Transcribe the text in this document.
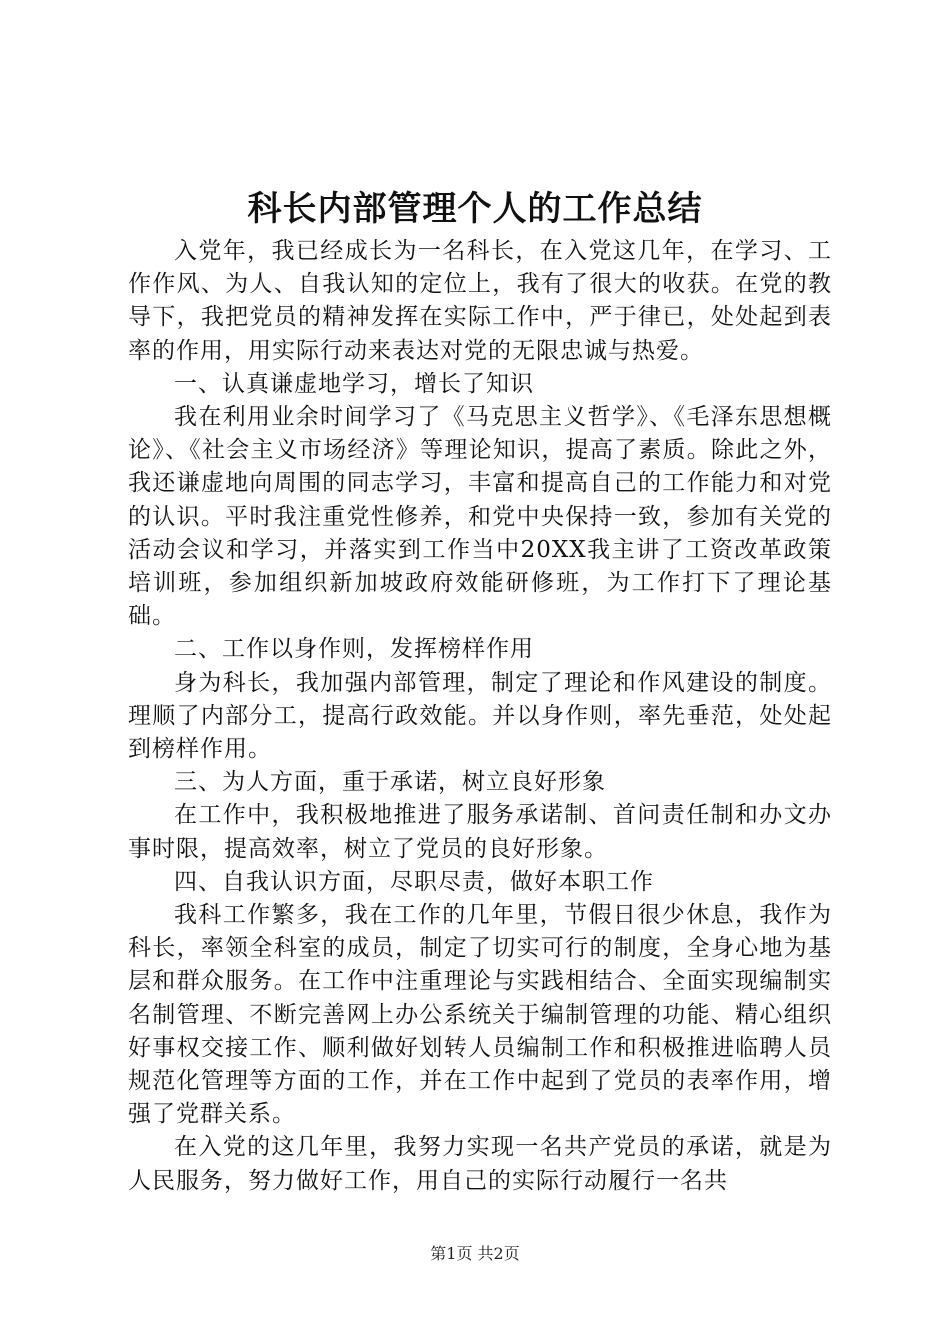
科长内部管理个人的工作总结

入党年，我已经成长为一名科长，在入党这几年，在学习、工作作风、为人、自我认知的定位上，我有了很大的收获。在党的教导下，我把党员的精神发挥在实际工作中，严于律已，处处起到表率的作用，用实际行动来表达对党的无限忠诚与热爱。

一、认真谦虚地学习，增长了知识

我在利用业余时间学习了《马克思主义哲学》、《毛泽东思想概论》、《社会主义市场经济》等理论知识，提高了素质。除此之外，我还谦虚地向周围的同志学习，丰富和提高自己的工作能力和对党的认识。平时我注重党性修养，和党中央保持一致，参加有关党的活动会议和学习，并落实到工作当中20XX我主讲了工资改革政策培训班，参加组织新加坡政府效能研修班，为工作打下了理论基础。

二、工作以身作则，发挥榜样作用

身为科长，我加强内部管理，制定了理论和作风建设的制度。理顺了内部分工，提高行政效能。并以身作则，率先垂范，处处起到榜样作用。

三、为人方面，重于承诺，树立良好形象

在工作中，我积极地推进了服务承诺制、首问责任制和办文办事时限，提高效率，树立了党员的良好形象。

四、自我认识方面，尽职尽责，做好本职工作

我科工作繁多，我在工作的几年里，节假日很少休息，我作为科长，率领全科室的成员，制定了切实可行的制度，全身心地为基层和群众服务。在工作中注重理论与实践相结合、全面实现编制实名制管理、不断完善网上办公系统关于编制管理的功能、精心组织好事权交接工作、顺利做好划转人员编制工作和积极推进临聘人员规范化管理等方面的工作，并在工作中起到了党员的表率作用，增强了党群关系。

在入党的这几年里，我努力实现一名共产党员的承诺，就是为人民服务，努力做好工作，用自己的实际行动履行一名共

第1页 共2页
